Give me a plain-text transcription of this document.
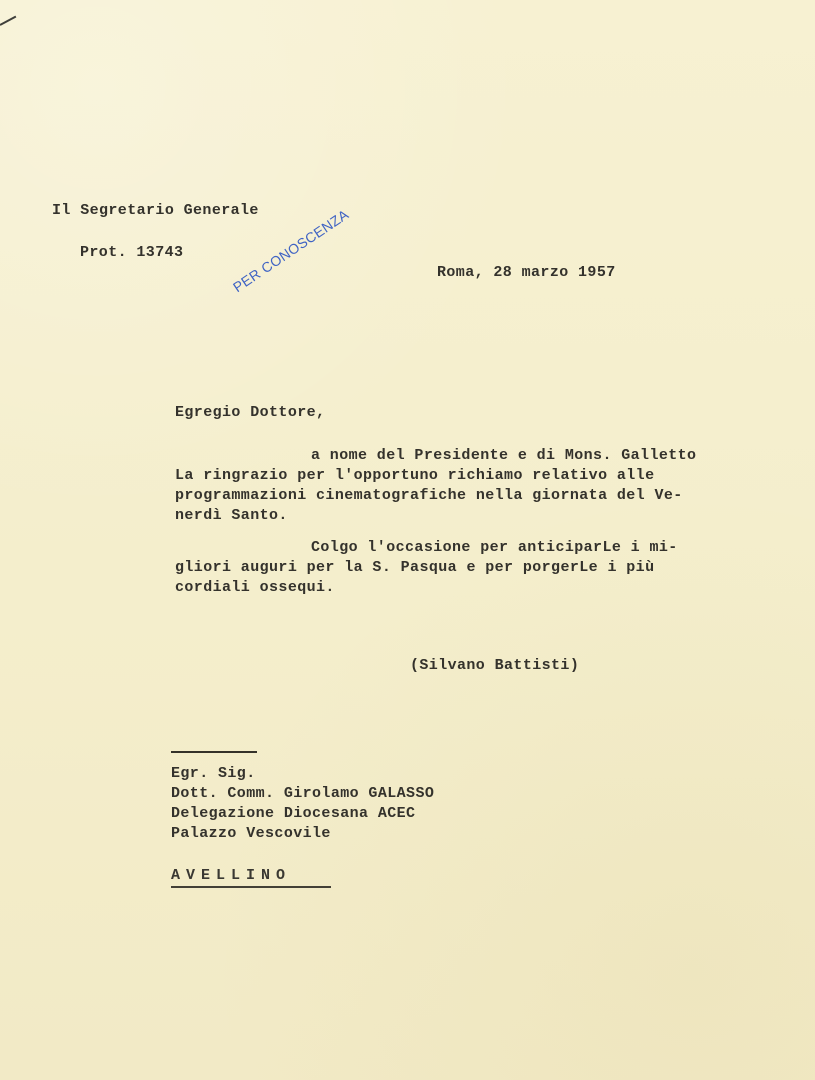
Il Segretario Generale
Prot. 13743	PER CONOSCENZA	Roma, 28 marzo 1957
Egregio Dottore,
a nome del Presidente e di Mons. Galletto
La ringrazio per l'opportuno richiamo relativo alle
programmazioni cinematografiche nella giornata del Ve-
nerdì Santo.
Colgo l'occasione per anticiparLe i mi-
gliori auguri per la S. Pasqua e per porgerLe i più
cordiali ossequi.
(Silvano Battisti)
Egr. Sig.
Dott. Comm. Girolamo GALASSO
Delegazione Diocesana ACEC
Palazzo Vescovile
AVELLINO
